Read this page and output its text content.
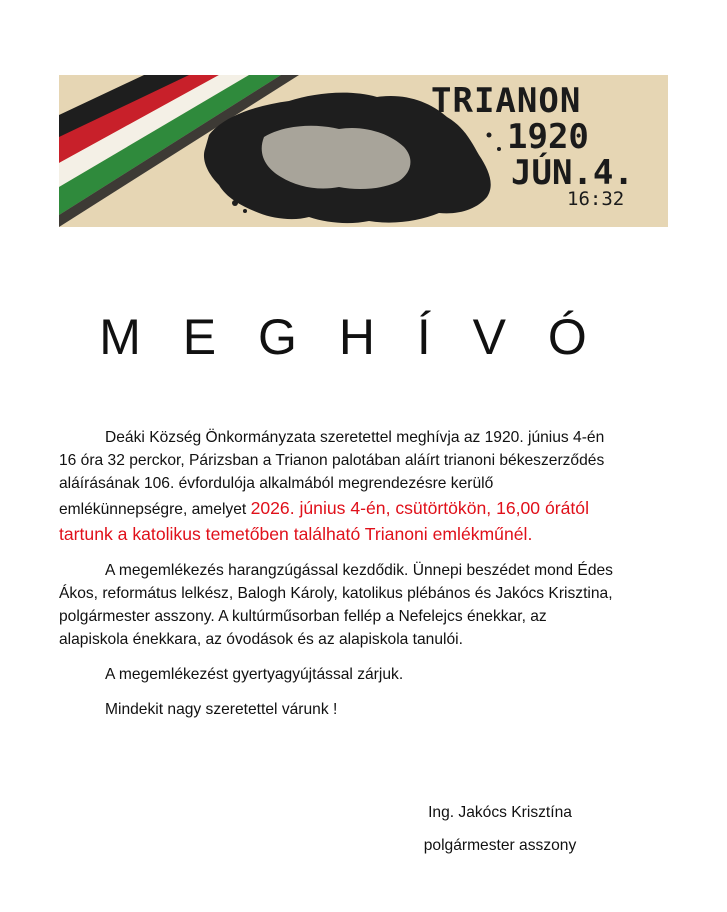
TRIANON
1920
JÚN.4.
16:32
M E G H Í V Ó

Deáki Község Önkormányzata szeretettel meghívja az 1920. június 4-én
16 óra 32 perckor, Párizsban a Trianon palotában aláírt trianoni békeszerződés
aláírásának 106. évfordulója alkalmából megrendezésre kerülő
emlékünnepségre, amelyet 2026. június 4-én, csütörtökön, 16,00 órától
tartunk a katolikus temetőben található Trianoni emlékműnél.

A megemlékezés harangzúgással kezdődik. Ünnepi beszédet mond Édes
Ákos, református lelkész, Balogh Károly, katolikus plébános és Jakócs Krisztina,
polgármester asszony. A kultúrműsorban fellép a Nefelejcs énekkar, az
alapiskola énekkara, az óvodások és az alapiskola tanulói.

A megemlékezést gyertyagyújtással zárjuk.

Mindekit nagy szeretettel várunk !

Ing. Jakócs Krisztína
polgármester asszony
